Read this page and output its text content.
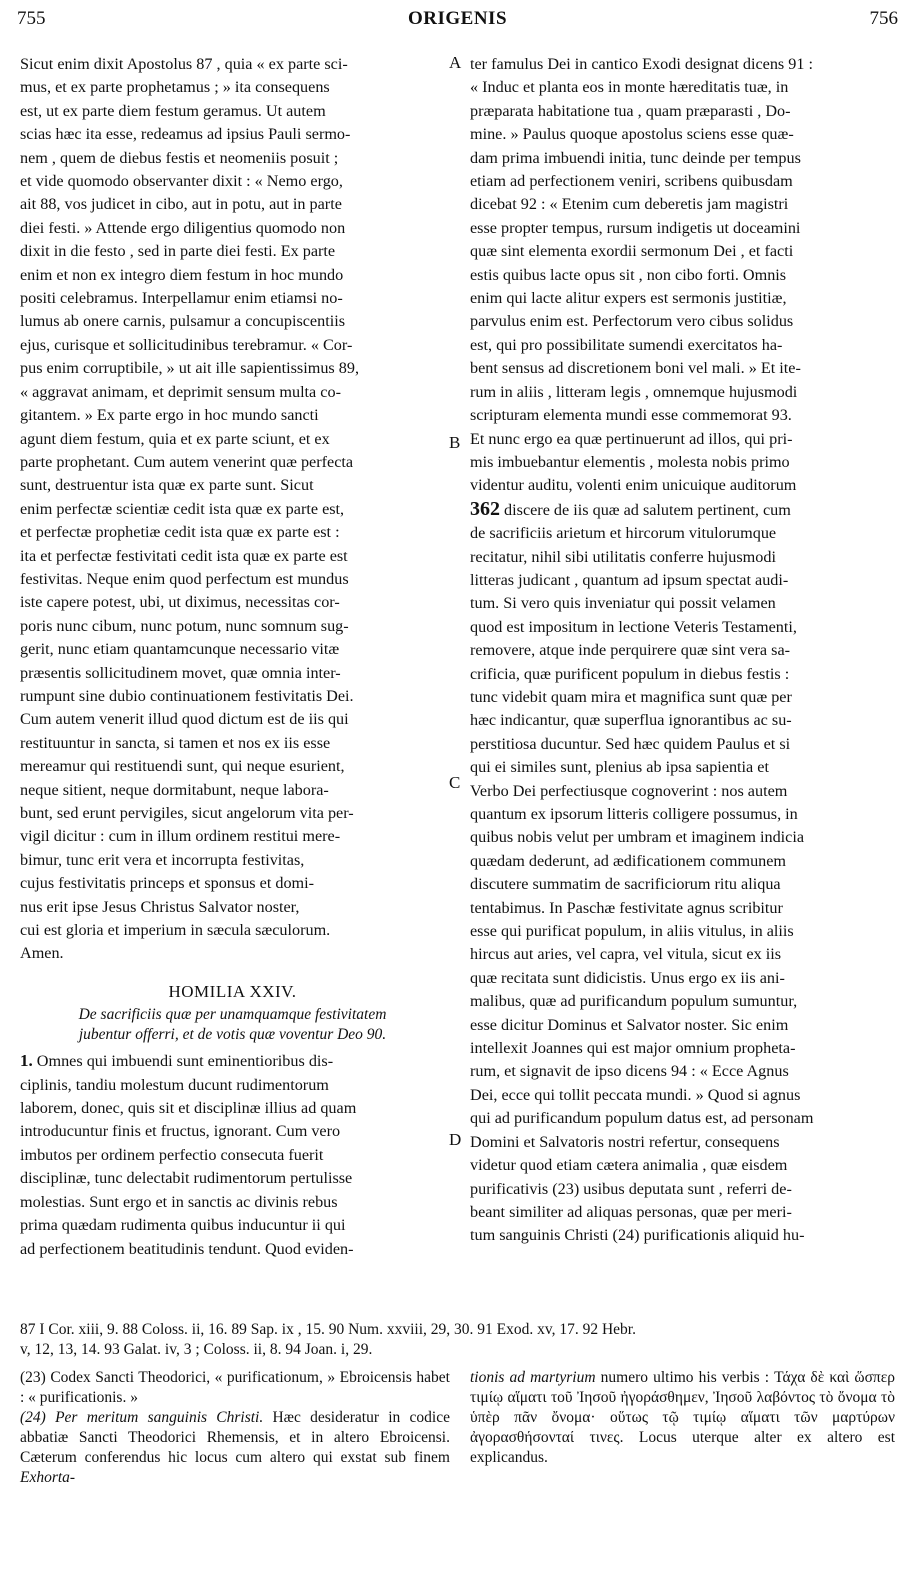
755	ORIGENIS	756
A
B
C
D
Sicut enim dixit Apostolus 87 , quia « ex parte sci-
mus, et ex parte prophetamus ; » ita consequens
est, ut ex parte diem festum geramus. Ut autem
scias hæc ita esse, redeamus ad ipsius Pauli sermo-
nem , quem de diebus festis et neomeniis posuit ;
et vide quomodo observanter dixit : « Nemo ergo,
ait 88, vos judicet in cibo, aut in potu, aut in parte
diei festi. » Attende ergo diligentius quomodo non
dixit in die festo , sed in parte diei festi. Ex parte
enim et non ex integro diem festum in hoc mundo
positi celebramus. Interpellamur enim etiamsi no-
lumus ab onere carnis, pulsamur a concupiscentiis
ejus, curisque et sollicitudinibus terebramur. « Cor-
pus enim corruptibile, » ut ait ille sapientissimus 89,
« aggravat animam, et deprimit sensum multa co-
gitantem. » Ex parte ergo in hoc mundo sancti
agunt diem festum, quia et ex parte sciunt, et ex
parte prophetant. Cum autem venerint quæ perfecta
sunt, destruentur ista quæ ex parte sunt. Sicut
enim perfectæ scientiæ cedit ista quæ ex parte est,
et perfectæ prophetiæ cedit ista quæ ex parte est :
ita et perfectæ festivitati cedit ista quæ ex parte est
festivitas. Neque enim quod perfectum est mundus
iste capere potest, ubi, ut diximus, necessitas cor-
poris nunc cibum, nunc potum, nunc somnum sug-
gerit, nunc etiam quantamcunque necessario vitæ
præsentis sollicitudinem movet, quæ omnia inter-
rumpunt sine dubio continuationem festivitatis Dei.
Cum autem venerit illud quod dictum est de iis qui
restituuntur in sancta, si tamen et nos ex iis esse
mereamur qui restituendi sunt, qui neque esurient,
neque sitient, neque dormitabunt, neque labora-
bunt, sed erunt pervigiles, sicut angelorum vita per-
vigil dicitur : cum in illum ordinem restitui mere-
bimur, tunc erit vera et incorrupta festivitas,
cujus festivitatis princeps et sponsus et domi-
nus erit ipse Jesus Christus Salvator noster,
cui est gloria et imperium in sæcula sæculorum.
Amen.
HOMILIA XXIV.
De sacrificiis quæ per unamquamque festivitatem
jubentur offerri, et de votis quæ voventur Deo 90.
1. Omnes qui imbuendi sunt eminentioribus dis-
ciplinis, tandiu molestum ducunt rudimentorum
laborem, donec, quis sit et disciplinæ illius ad quam
introducuntur finis et fructus, ignorant. Cum vero
imbutos per ordinem perfectio consecuta fuerit
disciplinæ, tunc delectabit rudimentorum pertulisse
molestias. Sunt ergo et in sanctis ac divinis rebus
prima quædam rudimenta quibus inducuntur ii qui
ad perfectionem beatitudinis tendunt. Quod eviden-
ter famulus Dei in cantico Exodi designat dicens 91 :
« Induc et planta eos in monte hæreditatis tuæ, in
præparata habitatione tua , quam præparasti , Do-
mine. » Paulus quoque apostolus sciens esse quæ-
dam prima imbuendi initia, tunc deinde per tempus
etiam ad perfectionem veniri, scribens quibusdam
dicebat 92 : « Etenim cum deberetis jam magistri
esse propter tempus, rursum indigetis ut doceamini
quæ sint elementa exordii sermonum Dei , et facti
estis quibus lacte opus sit , non cibo forti. Omnis
enim qui lacte alitur expers est sermonis justitiæ,
parvulus enim est. Perfectorum vero cibus solidus
est, qui pro possibilitate sumendi exercitatos ha-
bent sensus ad discretionem boni vel mali. » Et ite-
rum in aliis , litteram legis , omnemque hujusmodi
scripturam elementa mundi esse commemorat 93.
Et nunc ergo ea quæ pertinuerunt ad illos, qui pri-
mis imbuebantur elementis , molesta nobis primo
videntur auditu, volenti enim unicuique auditorum
362 discere de iis quæ ad salutem pertinent, cum
de sacrificiis arietum et hircorum vitulorumque
recitatur, nihil sibi utilitatis conferre hujusmodi
litteras judicant , quantum ad ipsum spectat audi-
tum. Si vero quis inveniatur qui possit velamen
quod est impositum in lectione Veteris Testamenti,
removere, atque inde perquirere quæ sint vera sa-
crificia, quæ purificent populum in diebus festis :
tunc videbit quam mira et magnifica sunt quæ per
hæc indicantur, quæ superflua ignorantibus ac su-
perstitiosa ducuntur. Sed hæc quidem Paulus et si
qui ei similes sunt, plenius ab ipsa sapientia et
Verbo Dei perfectiusque cognoverint : nos autem
quantum ex ipsorum litteris colligere possumus, in
quibus nobis velut per umbram et imaginem indicia
quædam dederunt, ad ædificationem communem
discutere summatim de sacrificiorum ritu aliqua
tentabimus. In Paschæ festivitate agnus scribitur
esse qui purificat populum, in aliis vitulus, in aliis
hircus aut aries, vel capra, vel vitula, sicut ex iis
quæ recitata sunt didicistis. Unus ergo ex iis ani-
malibus, quæ ad purificandum populum sumuntur,
esse dicitur Dominus et Salvator noster. Sic enim
intellexit Joannes qui est major omnium propheta-
rum, et signavit de ipso dicens 94 : « Ecce Agnus
Dei, ecce qui tollit peccata mundi. » Quod si agnus
qui ad purificandum populum datus est, ad personam
Domini et Salvatoris nostri refertur, consequens
videtur quod etiam cætera animalia , quæ eisdem
purificativis (23) usibus deputata sunt , referri de-
beant similiter ad aliquas personas, quæ per meri-
tum sanguinis Christi (24) purificationis aliquid hu-
87 I Cor. xiii, 9. 88 Coloss. ii, 16. 89 Sap. ix , 15. 90 Num. xxviii, 29, 30. 91 Exod. xv, 17. 92 Hebr.
v, 12, 13, 14. 93 Galat. iv, 3 ; Coloss. ii, 8. 94 Joan. i, 29.

(23) Codex Sancti Theodorici, « purificationum, » Ebroicensis habet : « purificationis. »

(24) Per meritum sanguinis Christi. Hæc desideratur in codice abbatiæ Sancti Theodorici Rhemensis, et in altero Ebroicensi. Cæterum conferendus hic locus cum altero qui exstat sub finem Exhorta-

tionis ad martyrium numero ultimo his verbis : Τάχα δὲ καὶ ὥσπερ τιμίῳ αἵματι τοῦ Ἰησοῦ ἠγοράσθημεν, Ἰησοῦ λαβόντος τὸ ὄνομα τὸ ὑπὲρ πᾶν ὄνομα· οὕτως τῷ τιμίῳ αἵματι τῶν μαρτύρων ἀγορασθήσονταί τινες. Locus uterque alter ex altero est explicandus.
